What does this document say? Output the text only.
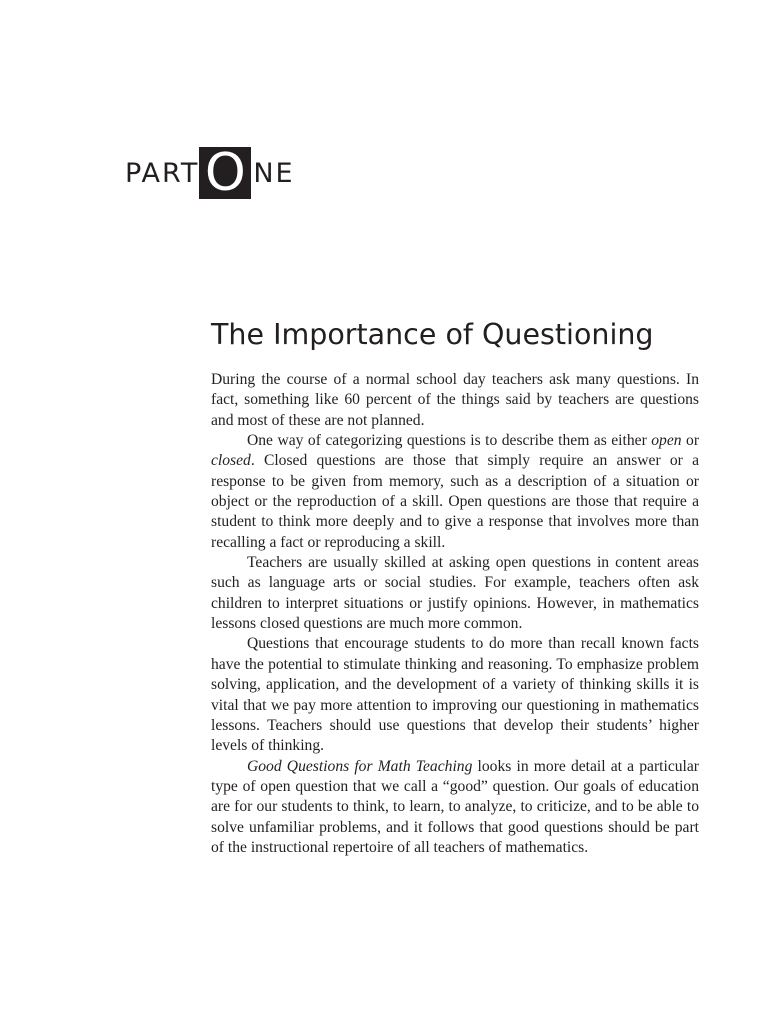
PART O NE
The Importance of Questioning

During the course of a normal school day teachers ask many questions. In fact, something like 60 percent of the things said by teachers are questions and most of these are not planned.

One way of categorizing questions is to describe them as either open or closed. Closed questions are those that simply require an answer or a response to be given from memory, such as a description of a situation or object or the reproduction of a skill. Open questions are those that require a student to think more deeply and to give a response that involves more than recalling a fact or reproducing a skill.

Teachers are usually skilled at asking open questions in content areas such as language arts or social studies. For example, teachers often ask children to interpret situations or justify opinions. However, in mathematics lessons closed questions are much more common.

Questions that encourage students to do more than recall known facts have the potential to stimulate thinking and reasoning. To emphasize problem solving, application, and the development of a variety of thinking skills it is vital that we pay more attention to improving our questioning in mathematics lessons. Teachers should use questions that develop their students’ higher levels of thinking.

Good Questions for Math Teaching looks in more detail at a particular type of open question that we call a “good” question. Our goals of education are for our students to think, to learn, to analyze, to criticize, and to be able to solve unfamiliar problems, and it follows that good questions should be part of the instructional repertoire of all teachers of mathematics.
